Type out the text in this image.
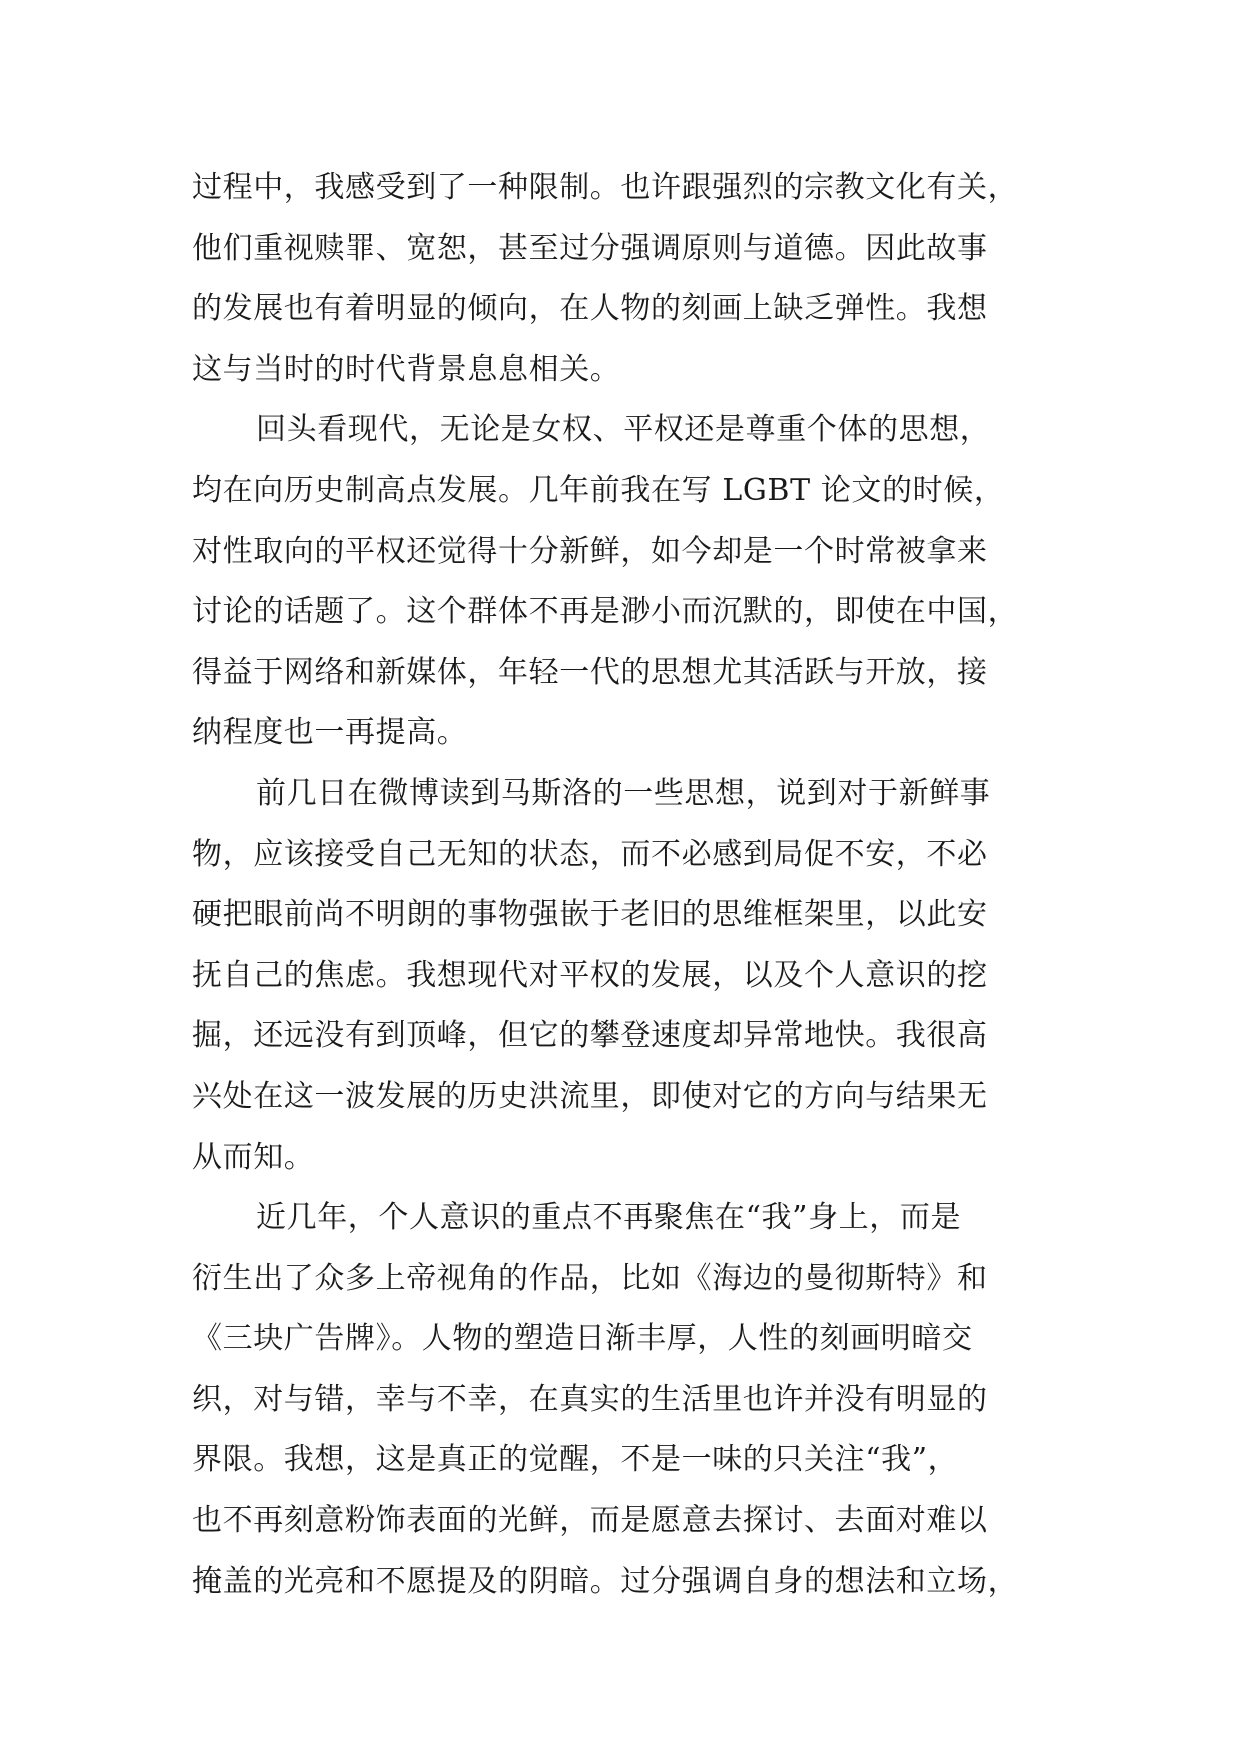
过程中，我感受到了一种限制。也许跟强烈的宗教文化有关，
他们重视赎罪、宽恕，甚至过分强调原则与道德。因此故事
的发展也有着明显的倾向，在人物的刻画上缺乏弹性。我想
这与当时的时代背景息息相关。
回头看现代，无论是女权、平权还是尊重个体的思想，
均在向历史制高点发展。几年前我在写 LGBT 论文的时候，
对性取向的平权还觉得十分新鲜，如今却是一个时常被拿来
讨论的话题了。这个群体不再是渺小而沉默的，即使在中国，
得益于网络和新媒体，年轻一代的思想尤其活跃与开放，接
纳程度也一再提高。
前几日在微博读到马斯洛的一些思想，说到对于新鲜事
物，应该接受自己无知的状态，而不必感到局促不安，不必
硬把眼前尚不明朗的事物强嵌于老旧的思维框架里，以此安
抚自己的焦虑。我想现代对平权的发展，以及个人意识的挖
掘，还远没有到顶峰，但它的攀登速度却异常地快。我很高
兴处在这一波发展的历史洪流里，即使对它的方向与结果无
从而知。
近几年，个人意识的重点不再聚焦在“我”身上，而是
衍生出了众多上帝视角的作品，比如《海边的曼彻斯特》和
《三块广告牌》。人物的塑造日渐丰厚，人性的刻画明暗交
织，对与错，幸与不幸，在真实的生活里也许并没有明显的
界限。我想，这是真正的觉醒，不是一味的只关注“我”，
也不再刻意粉饰表面的光鲜，而是愿意去探讨、去面对难以
掩盖的光亮和不愿提及的阴暗。过分强调自身的想法和立场，
